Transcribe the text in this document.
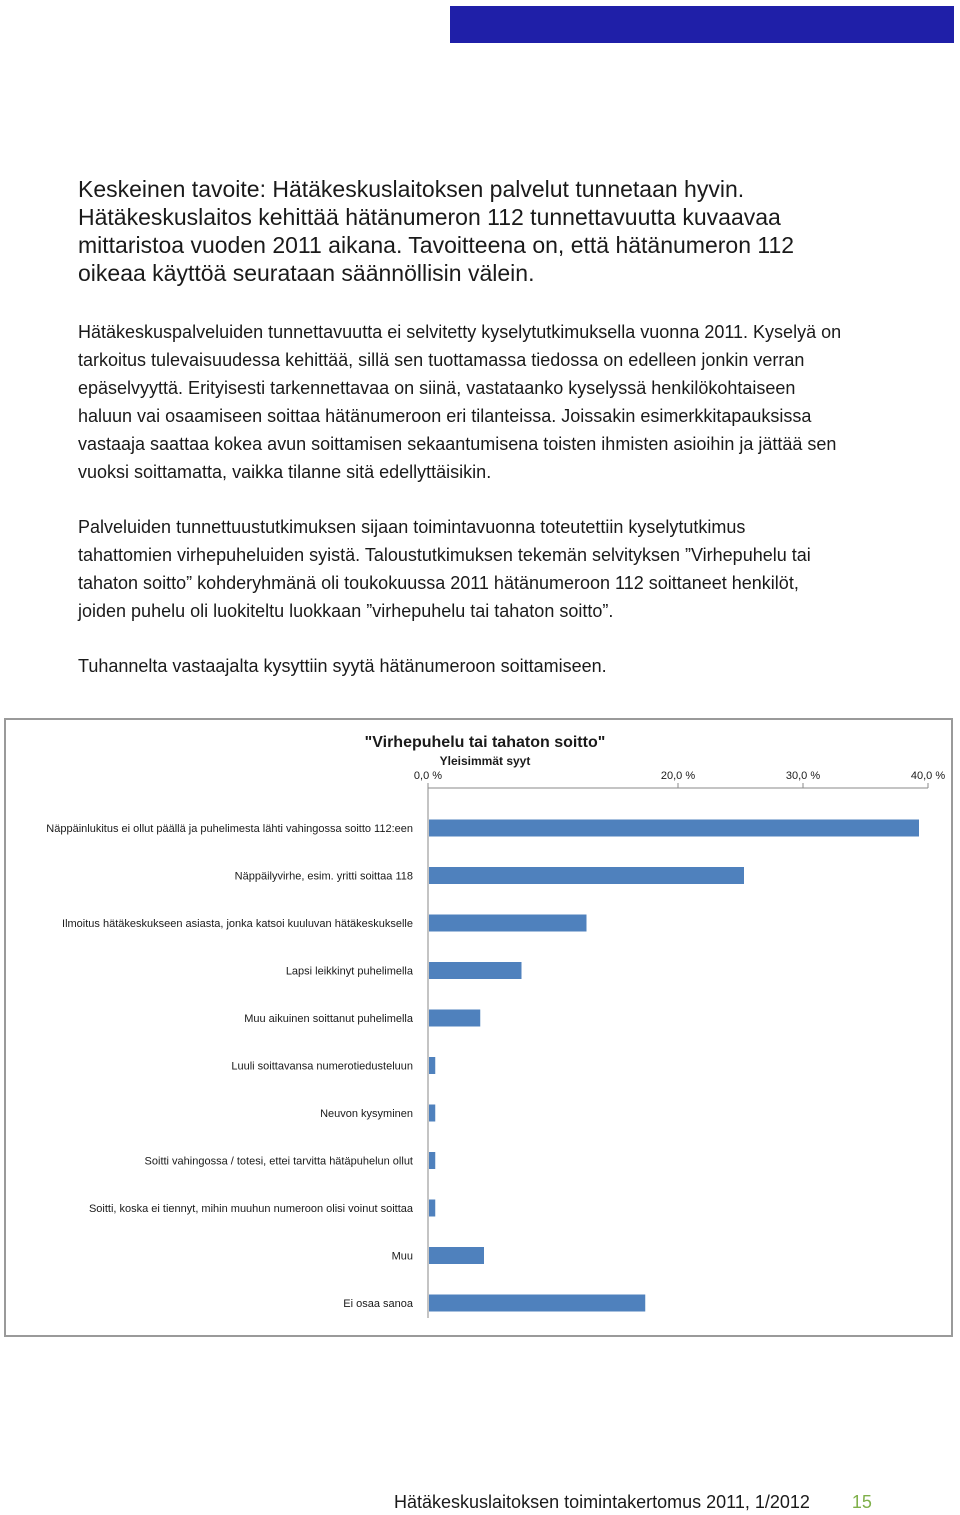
Keskeinen tavoite: Hätäkeskuslaitoksen palvelut tunnetaan hyvin.

Hätäkeskuslaitos kehittää hätänumeron 112 tunnettavuutta kuvaavaa

mittaristoa vuoden 2011 aikana. Tavoitteena on, että hätänumeron 112

oikeaa käyttöä seurataan säännöllisin välein.

Hätäkeskuspalveluiden tunnettavuutta ei selvitetty kyselytutkimuksella vuonna 2011. Kyselyä on
tarkoitus tulevaisuudessa kehittää, sillä sen tuottamassa tiedossa on edelleen jonkin verran
epäselvyyttä. Erityisesti tarkennettavaa on siinä, vastataanko kyselyssä henkilökohtaiseen
haluun vai osaamiseen soittaa hätänumeroon eri tilanteissa. Joissakin esimerkkitapauksissa
vastaaja saattaa kokea avun soittamisen sekaantumisena toisten ihmisten asioihin ja jättää sen
vuoksi soittamatta, vaikka tilanne sitä edellyttäisikin.
Palveluiden tunnettuustutkimuksen sijaan toimintavuonna toteutettiin kyselytutkimus
tahattomien virhepuheluiden syistä. Taloustutkimuksen tekemän selvityksen ”Virhepuhelu tai
tahaton soitto” kohderyhmänä oli toukokuussa 2011 hätänumeroon 112 soittaneet henkilöt,
joiden puhelu oli luokiteltu luokkaan ”virhepuhelu tai tahaton soitto”.
Tuhannelta vastaajalta kysyttiin syytä hätänumeroon soittamiseen.
"Virhepuhelu tai tahaton soitto"
Yleisimmät syyt
0,0 %	20,0 %	30,0 %	40,0 %
Näppäinlukitus ei ollut päällä ja puhelimesta lähti vahingossa soitto 112:een
Näppäilyvirhe, esim. yritti soittaa 118
Ilmoitus hätäkeskukseen asiasta, jonka katsoi kuuluvan hätäkeskukselle
Lapsi leikkinyt puhelimella
Muu aikuinen soittanut puhelimella
Luuli soittavansa numerotiedusteluun
Neuvon kysyminen
Soitti vahingossa / totesi, ettei tarvitta hätäpuhelun ollut
Soitti, koska ei tiennyt, mihin muuhun numeroon olisi voinut soittaa
Muu
Ei osaa sanoa
Hätäkeskuslaitoksen toimintakertomus 2011, 1/2012 15
